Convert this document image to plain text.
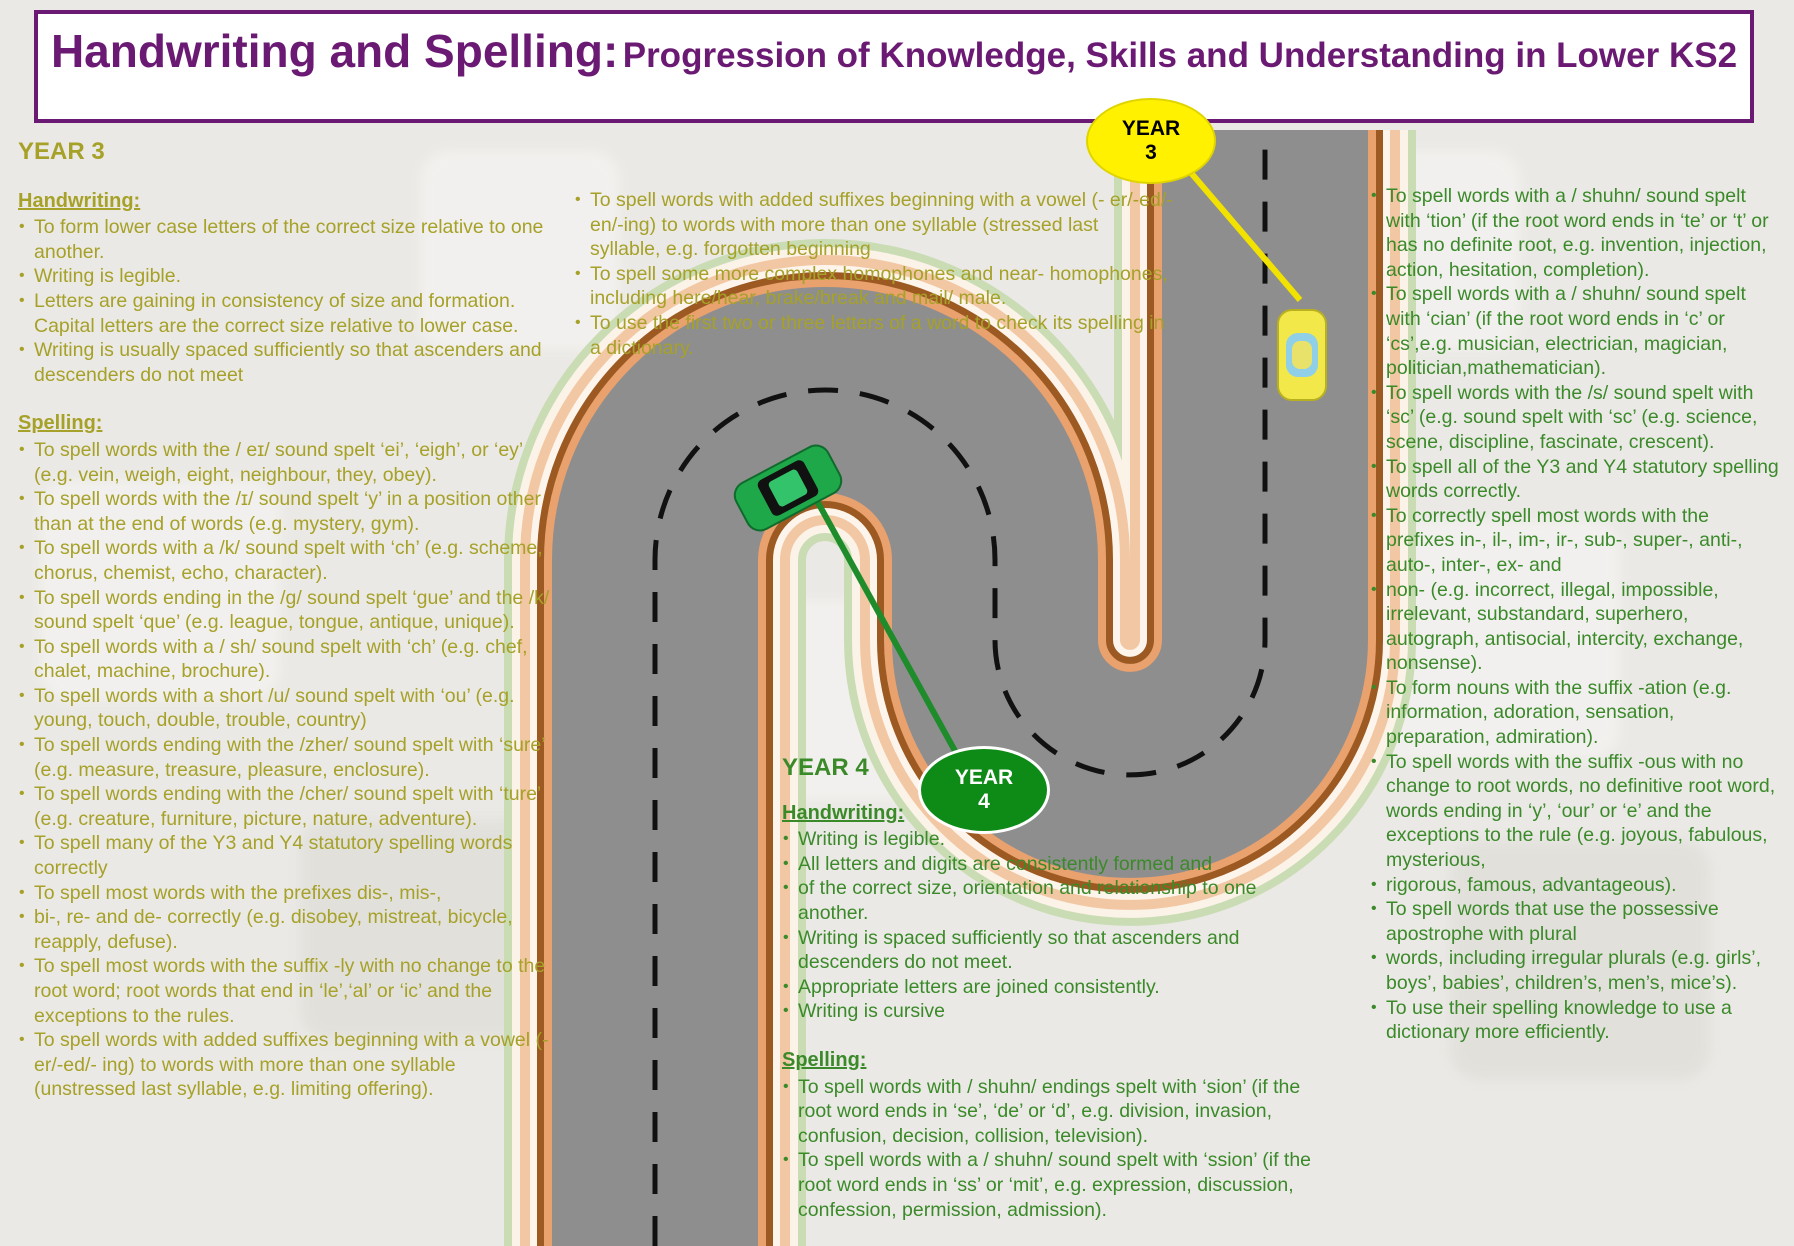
Handwriting and Spelling: Progression of Knowledge, Skills and Understanding in Lower KS2
YEAR
3
YEAR
4
YEAR 3
Handwriting:
• To form lower case letters of the correct size relative to one another.
• Writing is legible.
• Letters are gaining in consistency of size and formation. Capital letters are the correct size relative to lower case.
• Writing is usually spaced sufficiently so that ascenders and descenders do not meet
Spelling:
• To spell words with the / eɪ/ sound spelt ‘ei’, ‘eigh’, or ‘ey’ (e.g. vein, weigh, eight, neighbour, they, obey).
• To spell words with the /ɪ/ sound spelt ‘y’ in a position other than at the end of words (e.g. mystery, gym).
• To spell words with a /k/ sound spelt with ‘ch’ (e.g. scheme, chorus, chemist, echo, character).
• To spell words ending in the /g/ sound spelt ‘gue’ and the /k/ sound spelt ‘que’ (e.g. league, tongue, antique, unique).
• To spell words with a / sh/ sound spelt with ‘ch’ (e.g. chef, chalet, machine, brochure).
• To spell words with a short /u/ sound spelt with ‘ou’ (e.g. young, touch, double, trouble, country)
• To spell words ending with the /zher/ sound spelt with ‘sure’ (e.g. measure, treasure, pleasure, enclosure).
• To spell words ending with the /cher/ sound spelt with ‘ture’ (e.g. creature, furniture, picture, nature, adventure).
• To spell many of the Y3 and Y4 statutory spelling words correctly
• To spell most words with the prefixes dis-, mis-,
• bi-, re- and de- correctly (e.g. disobey, mistreat, bicycle, reapply, defuse).
• To spell most words with the suffix -ly with no change to the root word; root words that end in ‘le’,‘al’ or ‘ic’ and the exceptions to the rules.
• To spell words with added suffixes beginning with a vowel (-er/-ed/- ing) to words with more than one syllable (unstressed last syllable, e.g. limiting offering).
• To spell words with added suffixes beginning with a vowel (- er/-ed/- en/-ing) to words with more than one syllable (stressed last syllable, e.g. forgotten beginning
• To spell some more complex homophones and near- homophones, including here/hear, brake/break and mail/ male.
• To use the first two or three letters of a word to check its spelling in a dictionary.
YEAR 4
Handwriting:
• Writing is legible.
• All letters and digits are consistently formed and
• of the correct size, orientation and relationship to one another.
• Writing is spaced sufficiently so that ascenders and descenders do not meet.
• Appropriate letters are joined consistently.
• Writing is cursive
Spelling:
• To spell words with / shuhn/ endings spelt with ‘sion’ (if the root word ends in ‘se’, ‘de’ or ‘d’, e.g. division, invasion, confusion, decision, collision, television).
• To spell words with a / shuhn/ sound spelt with ‘ssion’ (if the root word ends in ‘ss’ or ‘mit’, e.g. expression, discussion, confession, permission, admission).
• To spell words with a / shuhn/ sound spelt with ‘tion’ (if the root word ends in ‘te’ or ‘t’ or has no definite root, e.g. invention, injection, action, hesitation, completion).
• To spell words with a / shuhn/ sound spelt with ‘cian’ (if the root word ends in ‘c’ or ‘cs’,e.g. musician, electrician, magician, politician,mathematician).
• To spell words with the /s/ sound spelt with ‘sc’ (e.g. sound spelt with ‘sc’ (e.g. science, scene, discipline, fascinate, crescent).
• To spell all of the Y3 and Y4 statutory spelling words correctly.
• To correctly spell most words with the prefixes in-, il-, im-, ir-, sub-, super-, anti-, auto-, inter-, ex- and
• non- (e.g. incorrect, illegal, impossible, irrelevant, substandard, superhero, autograph, antisocial, intercity, exchange, nonsense).
• To form nouns with the suffix -ation (e.g. information, adoration, sensation, preparation, admiration).
• To spell words with the suffix -ous with no change to root words, no definitive root word, words ending in ‘y’, ‘our’ or ‘e’ and the exceptions to the rule (e.g. joyous, fabulous, mysterious,
• rigorous, famous, advantageous).
• To spell words that use the possessive apostrophe with plural
• words, including irregular plurals (e.g. girls’, boys’, babies’, children’s, men’s, mice’s).
• To use their spelling knowledge to use a dictionary more efficiently.
